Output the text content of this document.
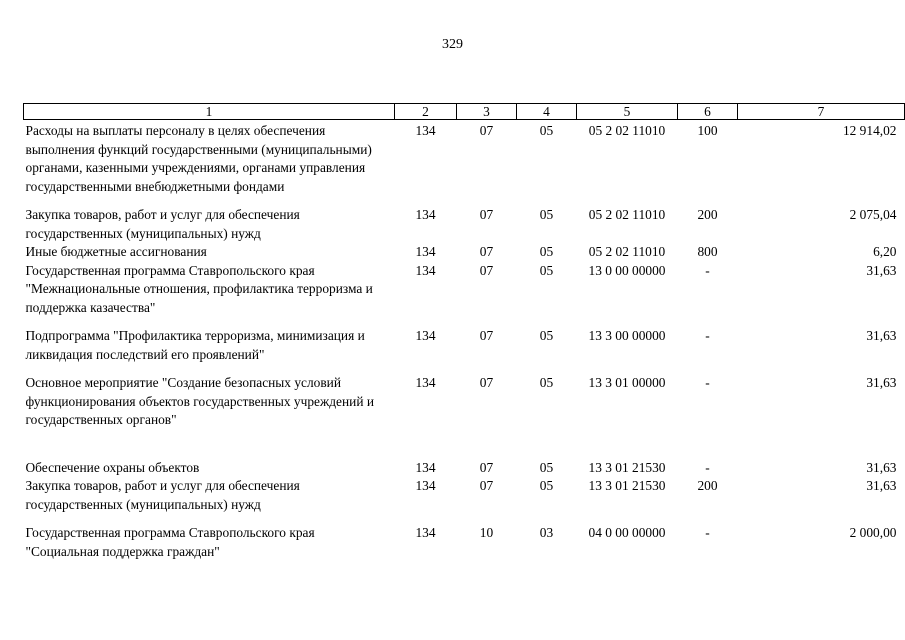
329
1	2	3	4	5	6	7
Расходы на выплаты персоналу в целях обеспечения выполнения функций государственными (муниципальными) органами, казенными учреждениями, органами управления государственными внебюджетными фондами	134	07	05	05 2 02 11010	100	12 914,02
Закупка товаров, работ и услуг для обеспечения государственных (муниципальных) нужд	134	07	05	05 2 02 11010	200	2 075,04
Иные бюджетные ассигнования	134	07	05	05 2 02 11010	800	6,20
Государственная программа Ставропольского края "Межнациональные отношения, профилактика терроризма и поддержка казачества"	134	07	05	13 0 00 00000	-	31,63
Подпрограмма "Профилактика терроризма, минимизация и ликвидация последствий его проявлений"	134	07	05	13 3 00 00000	-	31,63
Основное мероприятие "Создание безопасных условий функционирования объектов государственных учреждений и государственных органов"	134	07	05	13 3 01 00000	-	31,63
Обеспечение охраны объектов	134	07	05	13 3 01 21530	-	31,63
Закупка товаров, работ и услуг для обеспечения государственных (муниципальных) нужд	134	07	05	13 3 01 21530	200	31,63
Государственная программа Ставропольского края "Социальная поддержка граждан"	134	10	03	04 0 00 00000	-	2 000,00
